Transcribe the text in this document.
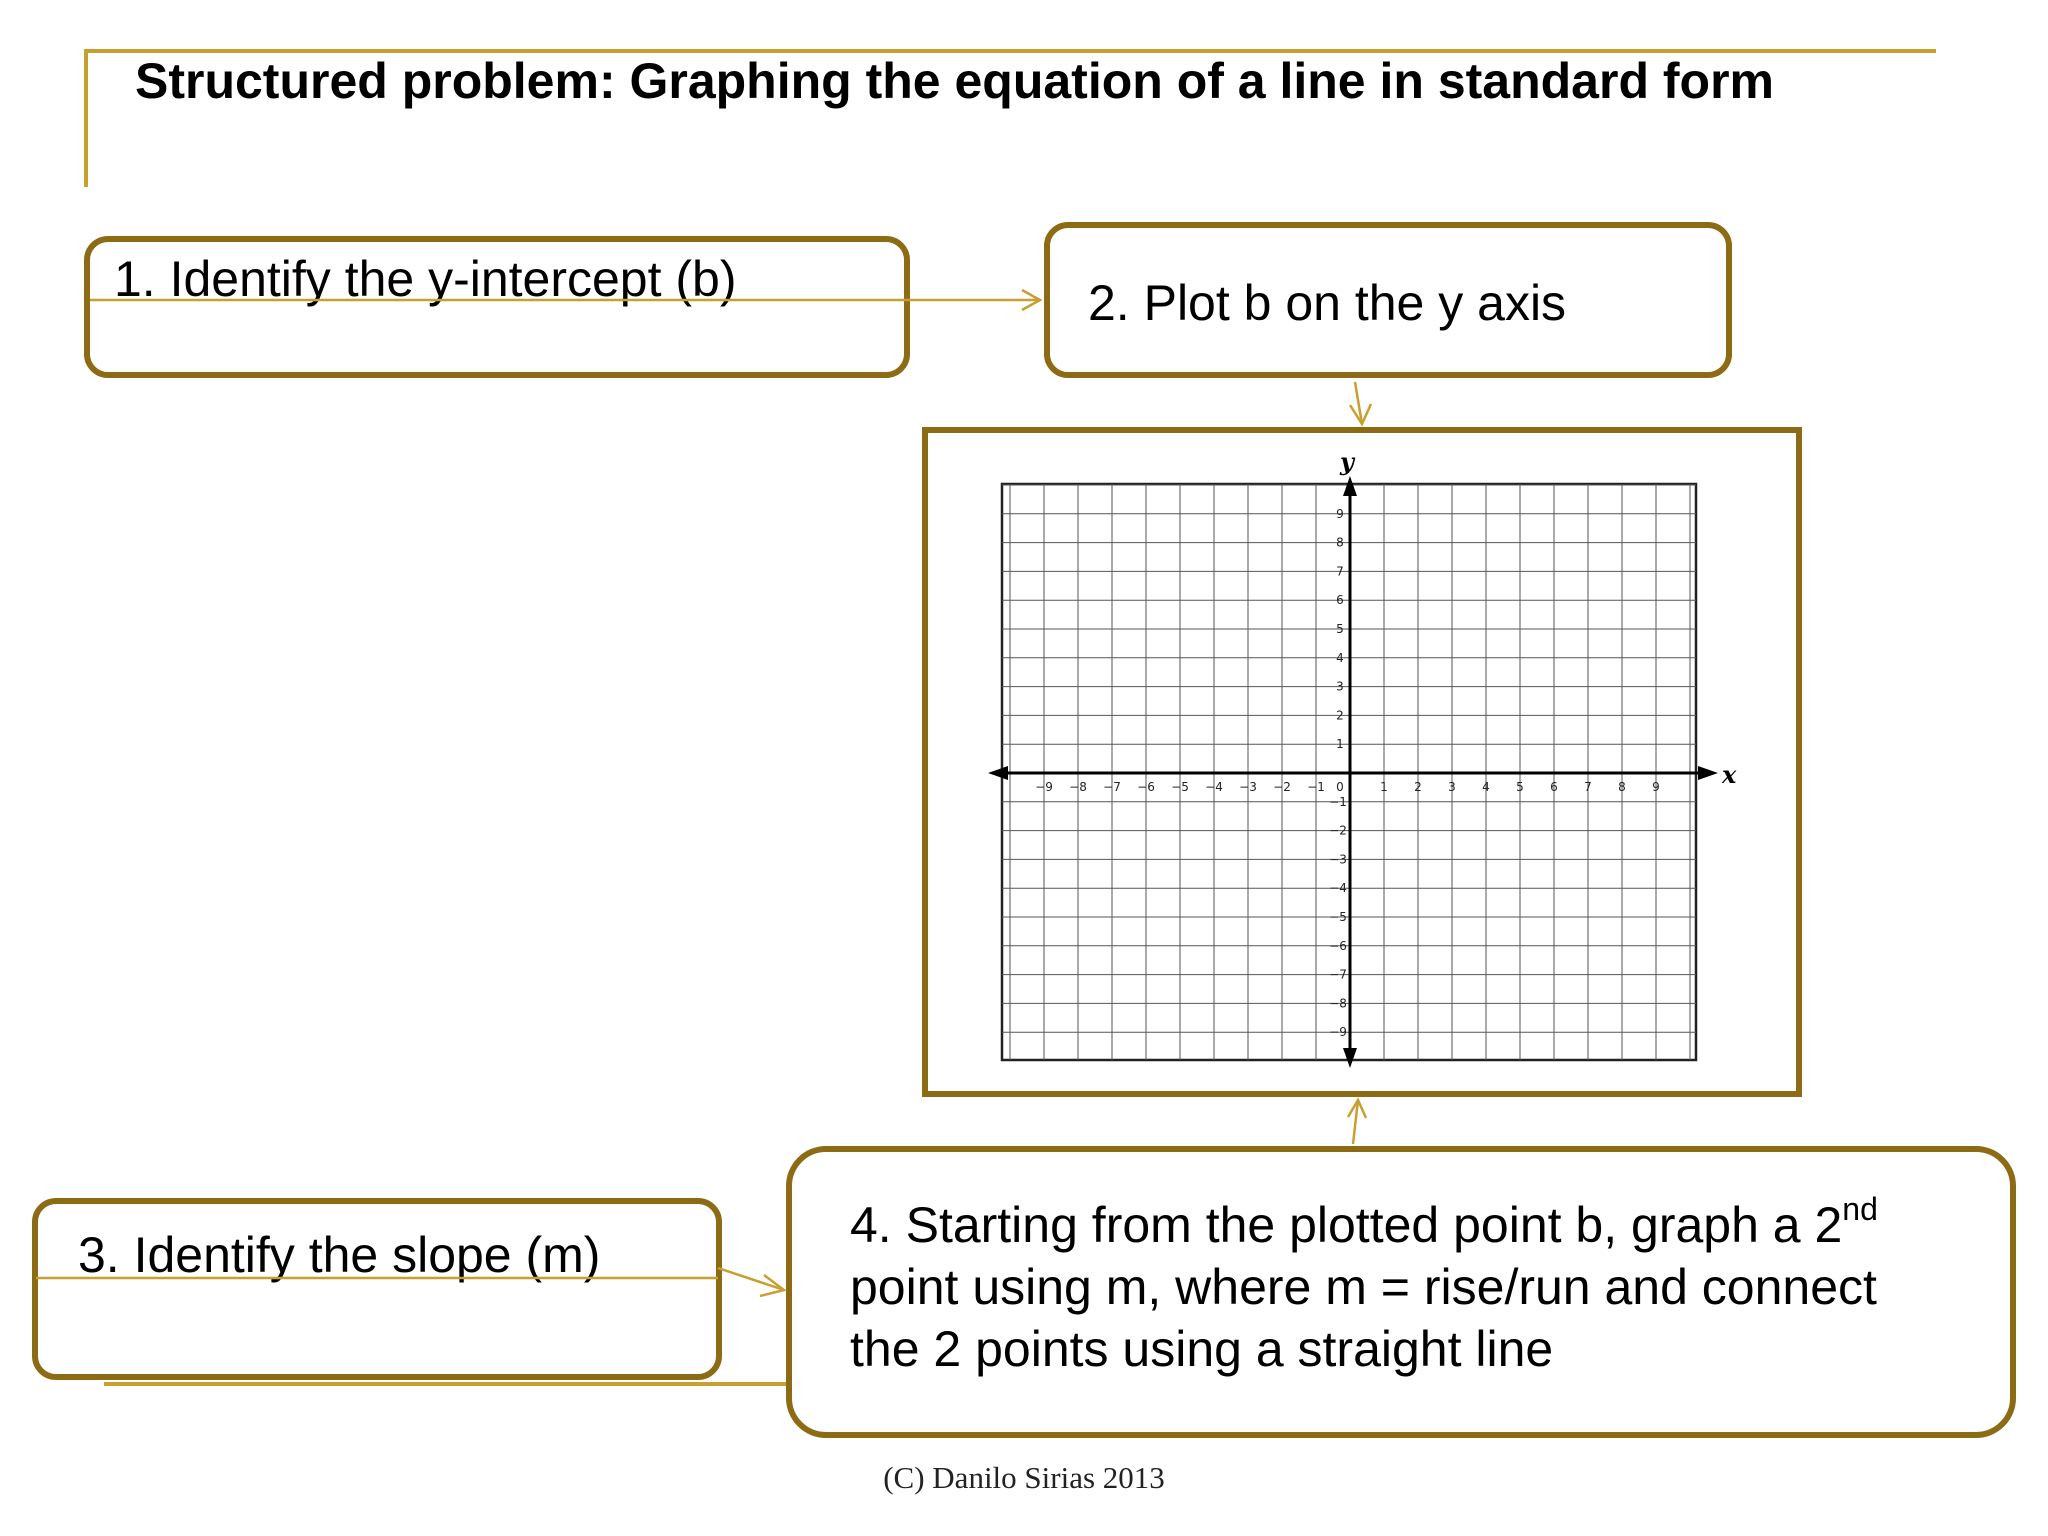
Structured problem: Graphing the equation of a line in standard form
1. Identify the y-intercept (b)	2. Plot b on the y axis
3. Identify the slope (m)
4. Starting from the plotted point b, graph a 2nd
point using m, where m = rise/run and connect
the 2 points using a straight line
x
y
−9 −8 −7 −6 −5 −4 −3 −2 −1 0	1 2 3 4 5 6 7 8 9
9
8
7
6
5
4
3
2
1
−1
−2
−3
−4
−5
−6
−7
−8
−9
(C) Danilo Sirias 2013
